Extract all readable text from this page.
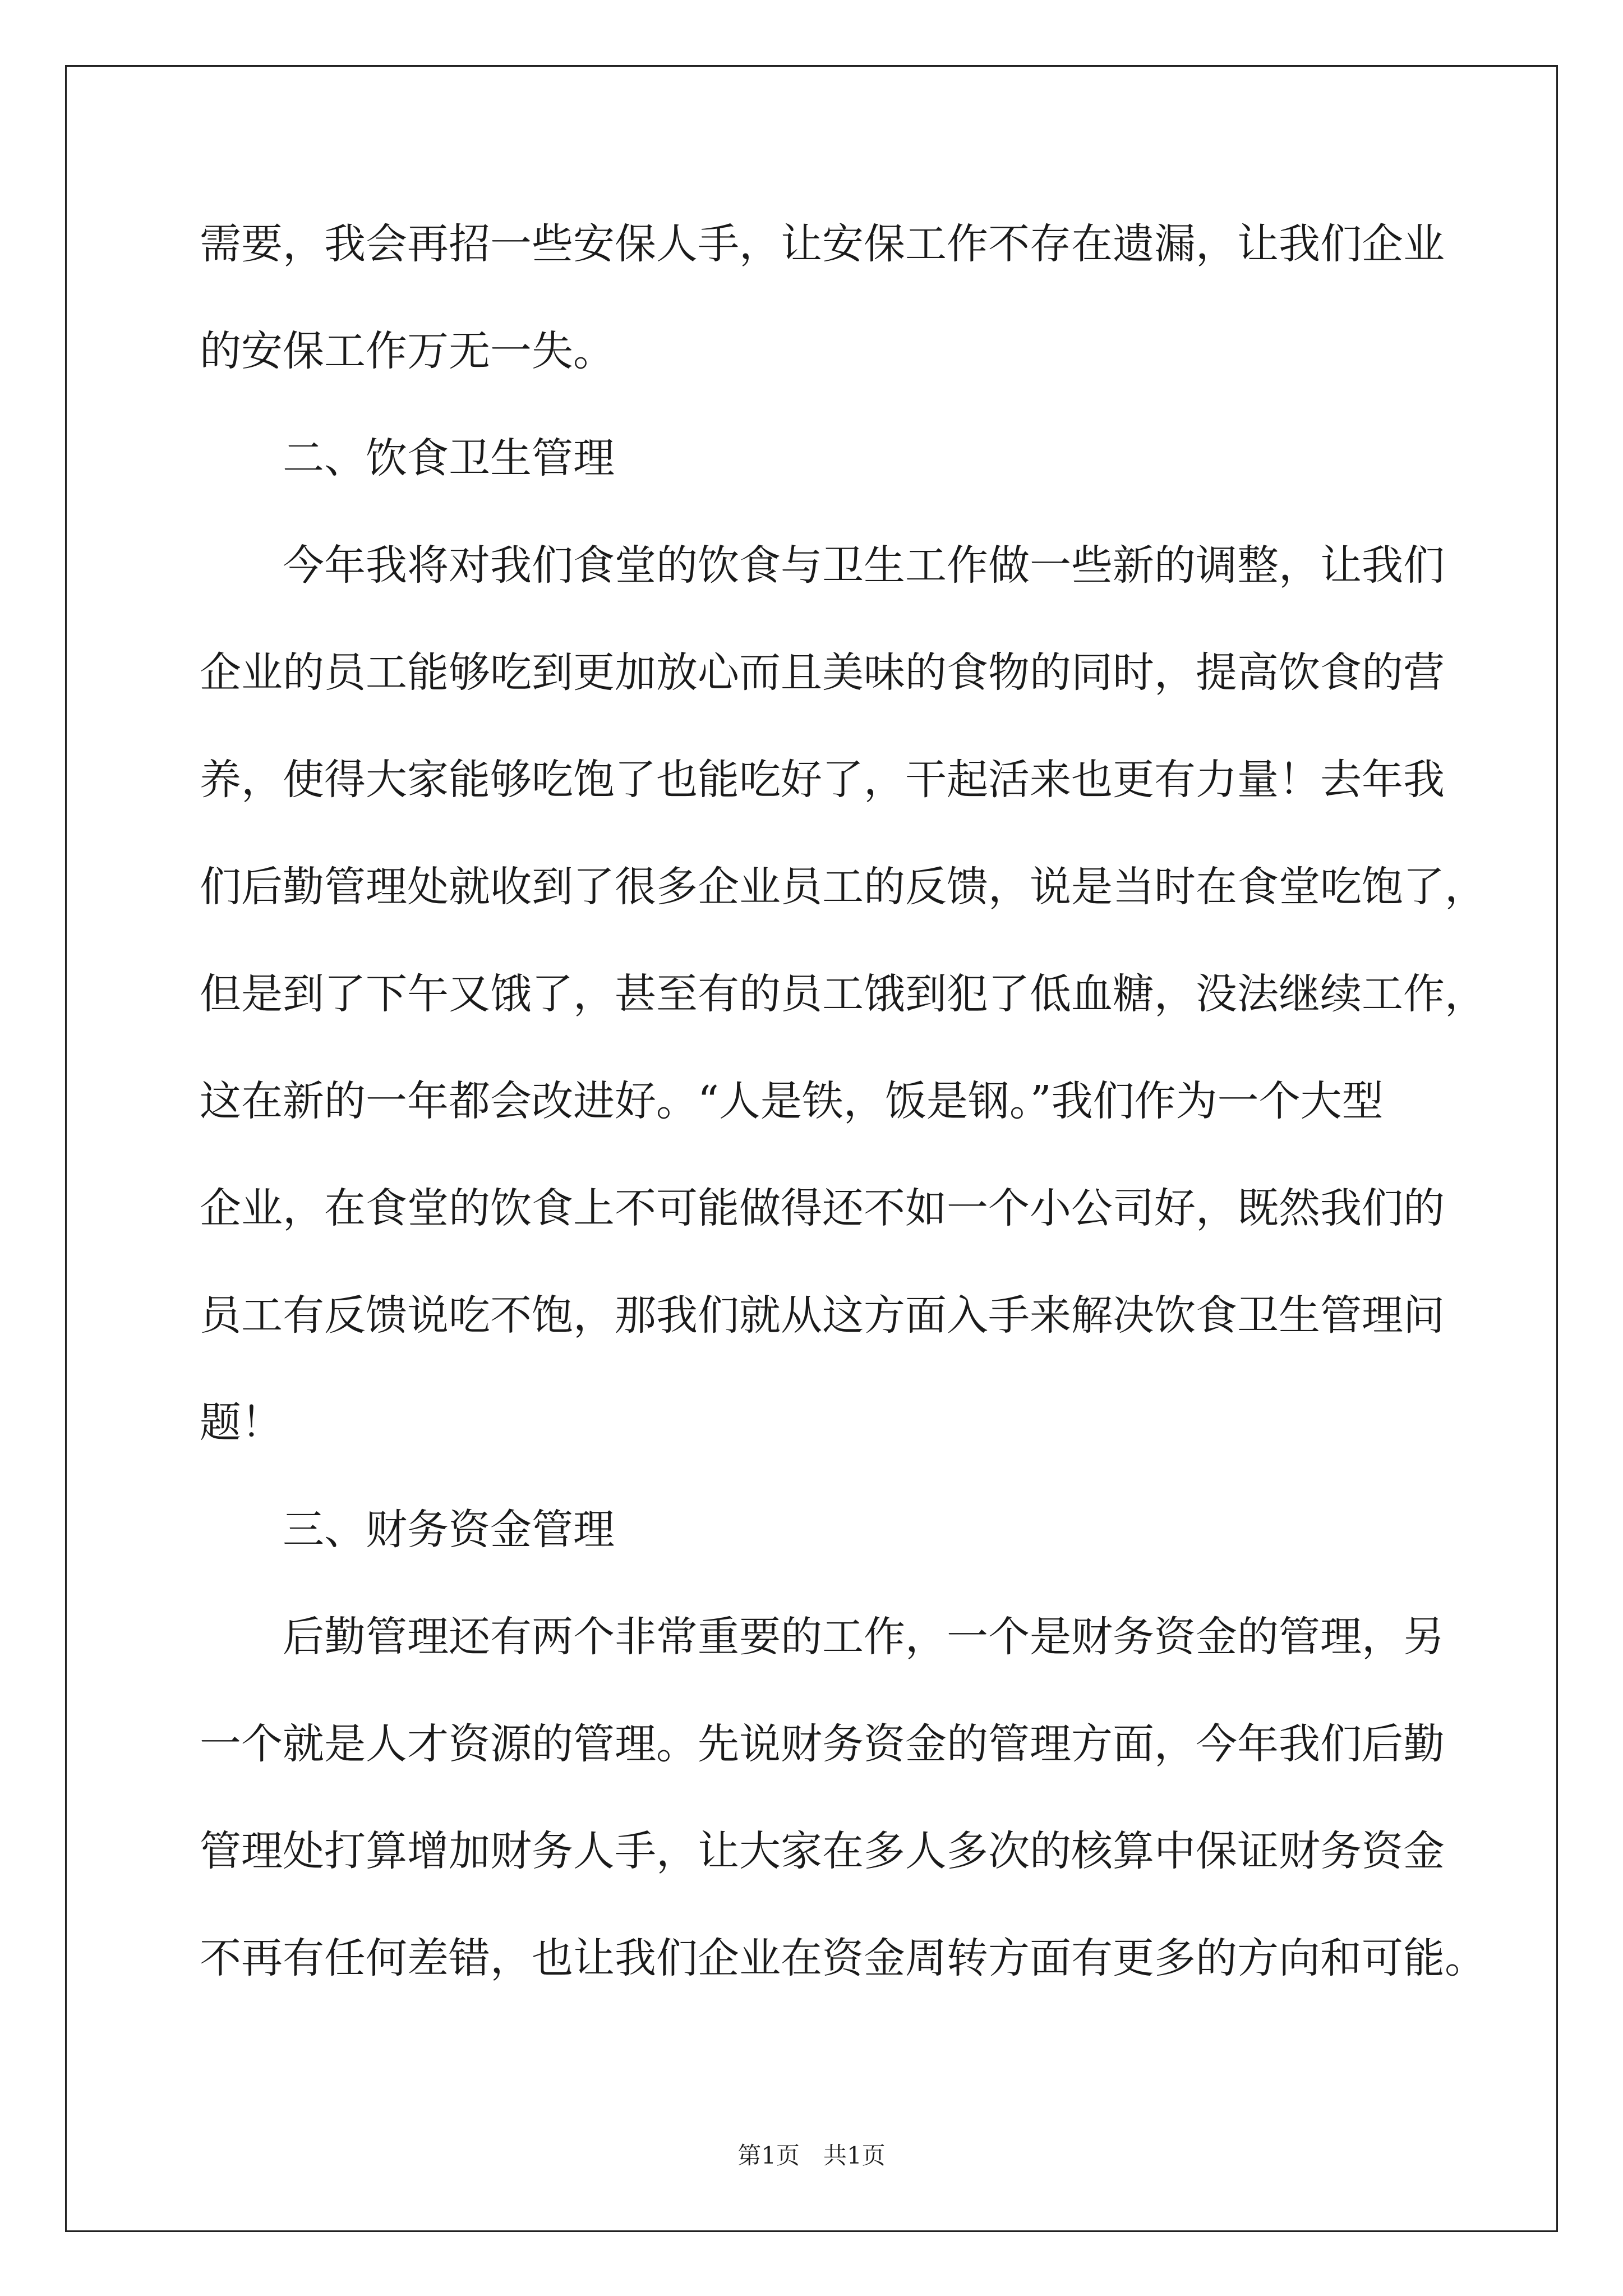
需要，我会再招一些安保人手，让安保工作不存在遗漏，让我们企业
的安保工作万无一失。
二、饮食卫生管理
今年我将对我们食堂的饮食与卫生工作做一些新的调整，让我们
企业的员工能够吃到更加放心而且美味的食物的同时，提高饮食的营
养，使得大家能够吃饱了也能吃好了，干起活来也更有力量！去年我
们后勤管理处就收到了很多企业员工的反馈，说是当时在食堂吃饱了，
但是到了下午又饿了，甚至有的员工饿到犯了低血糖，没法继续工作，
这在新的一年都会改进好。“人是铁，饭是钢。”我们作为一个大型
企业，在食堂的饮食上不可能做得还不如一个小公司好，既然我们的
员工有反馈说吃不饱，那我们就从这方面入手来解决饮食卫生管理问
题！
三、财务资金管理
后勤管理还有两个非常重要的工作，一个是财务资金的管理，另
一个就是人才资源的管理。先说财务资金的管理方面，今年我们后勤
管理处打算增加财务人手，让大家在多人多次的核算中保证财务资金
不再有任何差错，也让我们企业在资金周转方面有更多的方向和可能。
第1页　共1页
